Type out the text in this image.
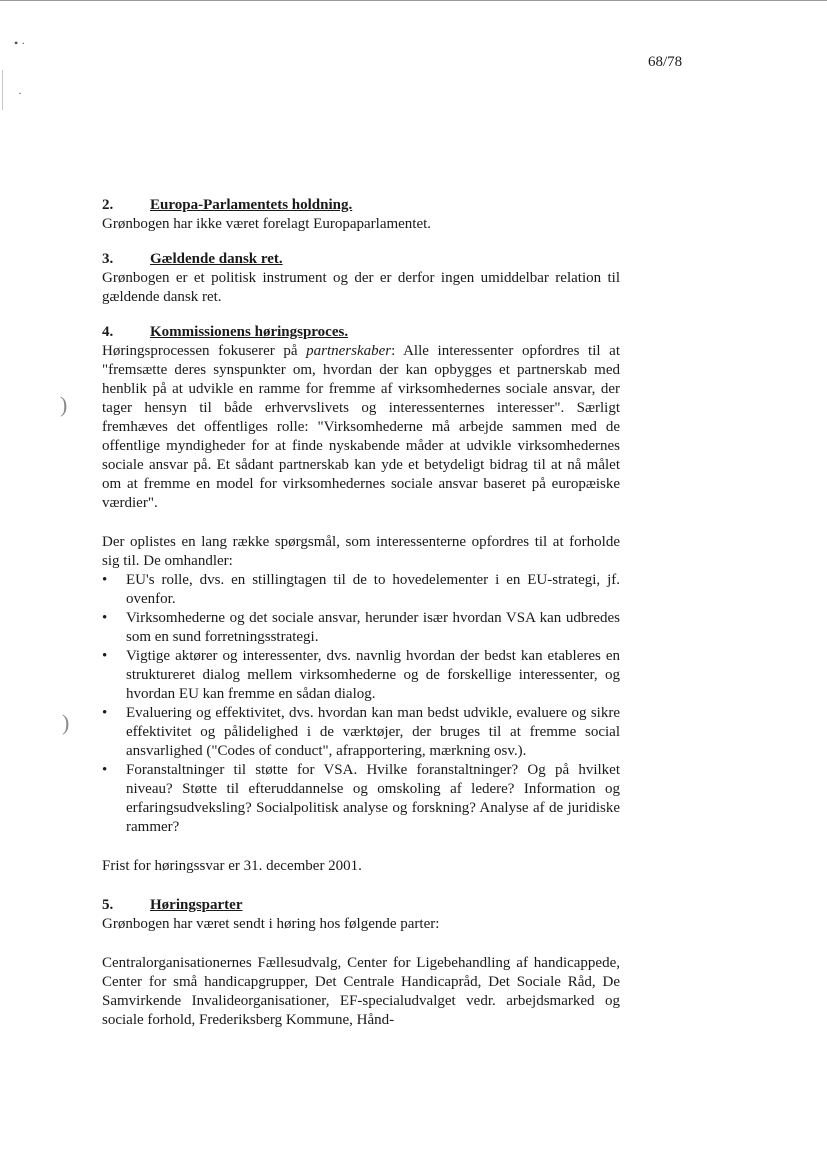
• ·
·
)
)
68/78
2. Europa-Parlamentets holdning.

Grønbogen har ikke været forelagt Europaparlamentet.

3. Gældende dansk ret.

Grønbogen er et politisk instrument og der er derfor ingen umiddelbar relation til gældende dansk ret.

4. Kommissionens høringsproces.

Høringsprocessen fokuserer på partnerskaber: Alle interessenter opfordres til at "fremsætte deres synspunkter om, hvordan der kan opbygges et partnerskab med henblik på at udvikle en ramme for fremme af virksomhedernes sociale ansvar, der tager hensyn til både erhvervslivets og interessenternes interesser". Særligt fremhæves det offentliges rolle: "Virksomhederne må arbejde sammen med de offentlige myndigheder for at finde nyskabende måder at udvikle virksomhedernes sociale ansvar på. Et sådant partnerskab kan yde et betydeligt bidrag til at nå målet om at fremme en model for virksomhedernes sociale ansvar baseret på europæiske værdier".

Der oplistes en lang række spørgsmål, som interessenterne opfordres til at forholde sig til. De omhandler:

• EU's rolle, dvs. en stillingtagen til de to hovedelementer i en EU-strategi, jf. ovenfor.
• Virksomhederne og det sociale ansvar, herunder især hvordan VSA kan udbredes som en sund forretningsstrategi.
• Vigtige aktører og interessenter, dvs. navnlig hvordan der bedst kan etableres en struktureret dialog mellem virksomhederne og de forskellige interessenter, og hvordan EU kan fremme en sådan dialog.
• Evaluering og effektivitet, dvs. hvordan kan man bedst udvikle, evaluere og sikre effektivitet og pålidelighed i de værktøjer, der bruges til at fremme social ansvarlighed ("Codes of conduct", afrapportering, mærkning osv.).
• Foranstaltninger til støtte for VSA. Hvilke foranstaltninger? Og på hvilket niveau? Støtte til efteruddannelse og omskoling af ledere? Information og erfaringsudveksling? Socialpolitisk analyse og forskning? Analyse af de juridiske rammer?

Frist for høringssvar er 31. december 2001.

5. Høringsparter

Grønbogen har været sendt i høring hos følgende parter:

Centralorganisationernes Fællesudvalg, Center for Ligebehandling af handicappede, Center for små handicapgrupper, Det Centrale Handicapråd, Det Sociale Råd, De Samvirkende Invalideorganisationer, EF-specialudvalget vedr. arbejdsmarked og sociale forhold, Frederiksberg Kommune, Hånd-
